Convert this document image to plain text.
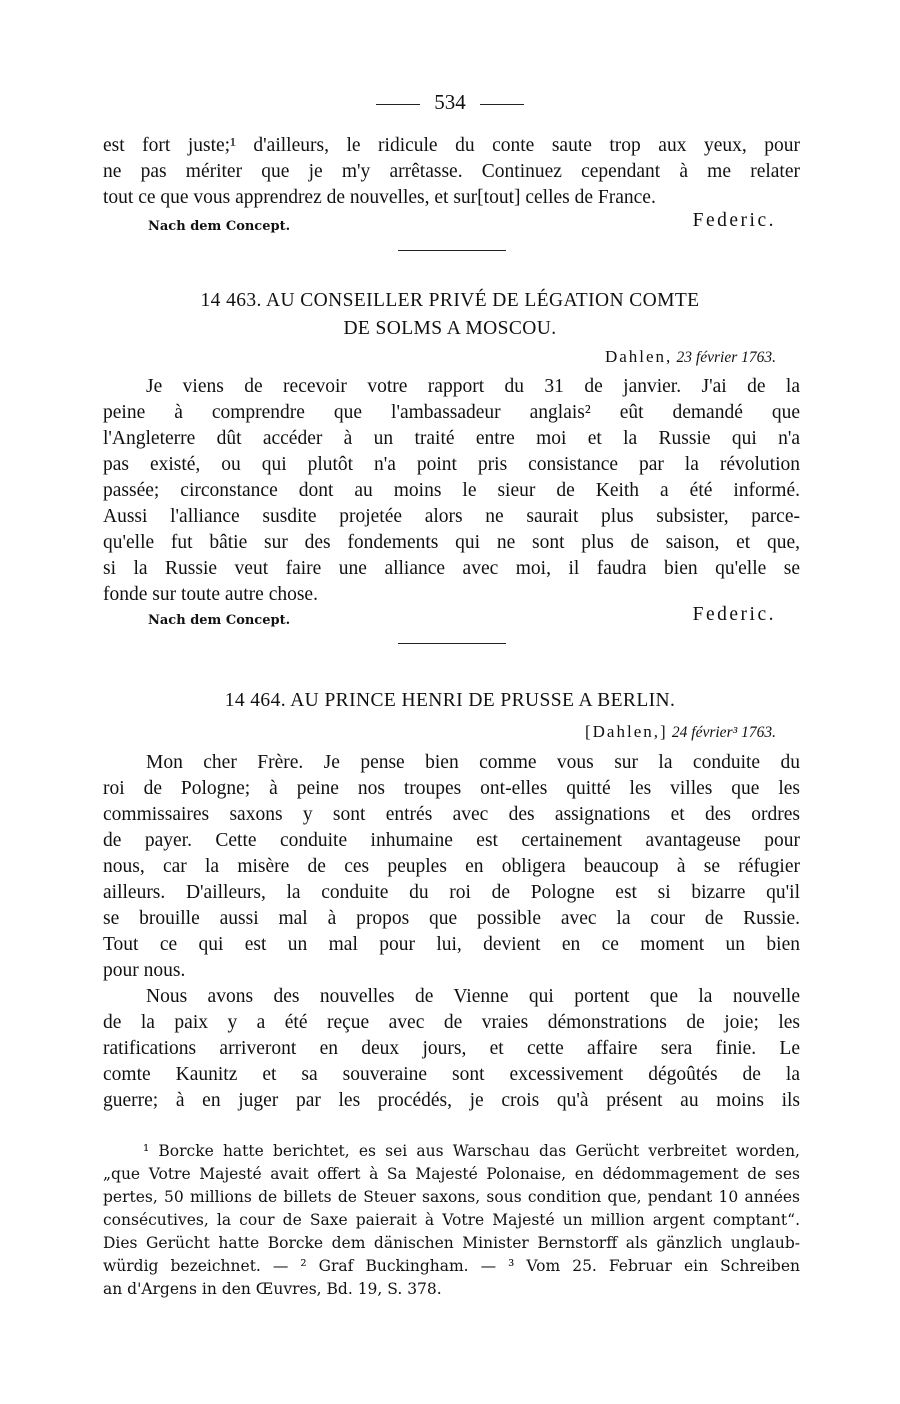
534
est fort juste;¹ d'ailleurs, le ridicule du conte saute trop aux yeux, pour
ne pas mériter que je m'y arrêtasse. Continuez cependant à me relater
tout ce que vous apprendrez de nouvelles, et sur[tout] celles de France.
Nach dem Concept.	Federic.
14 463. AU CONSEILLER PRIVÉ DE LÉGATION COMTE
DE SOLMS A MOSCOU.
Dahlen, 23 février 1763.
Je viens de recevoir votre rapport du 31 de janvier. J'ai de la
peine à comprendre que l'ambassadeur anglais² eût demandé que
l'Angleterre dût accéder à un traité entre moi et la Russie qui n'a
pas existé, ou qui plutôt n'a point pris consistance par la révolution
passée; circonstance dont au moins le sieur de Keith a été informé.
Aussi l'alliance susdite projetée alors ne saurait plus subsister, parce-
qu'elle fut bâtie sur des fondements qui ne sont plus de saison, et que,
si la Russie veut faire une alliance avec moi, il faudra bien qu'elle se
fonde sur toute autre chose.
Nach dem Concept.	Federic.
14 464. AU PRINCE HENRI DE PRUSSE A BERLIN.
[Dahlen,] 24 février³ 1763.
Mon cher Frère. Je pense bien comme vous sur la conduite du
roi de Pologne; à peine nos troupes ont-elles quitté les villes que les
commissaires saxons y sont entrés avec des assignations et des ordres
de payer. Cette conduite inhumaine est certainement avantageuse pour
nous, car la misère de ces peuples en obligera beaucoup à se réfugier
ailleurs. D'ailleurs, la conduite du roi de Pologne est si bizarre qu'il
se brouille aussi mal à propos que possible avec la cour de Russie.
Tout ce qui est un mal pour lui, devient en ce moment un bien
pour nous.
Nous avons des nouvelles de Vienne qui portent que la nouvelle
de la paix y a été reçue avec de vraies démonstrations de joie; les
ratifications arriveront en deux jours, et cette affaire sera finie. Le
comte Kaunitz et sa souveraine sont excessivement dégoûtés de la
guerre; à en juger par les procédés, je crois qu'à présent au moins ils
¹ Borcke hatte berichtet, es sei aus Warschau das Gerücht verbreitet worden,
„que Votre Majesté avait offert à Sa Majesté Polonaise, en dédommagement de ses
pertes, 50 millions de billets de Steuer saxons, sous condition que, pendant 10 années
consécutives, la cour de Saxe paierait à Votre Majesté un million argent comptant“.
Dies Gerücht hatte Borcke dem dänischen Minister Bernstorff als gänzlich unglaub-
würdig bezeichnet. — ² Graf Buckingham. — ³ Vom 25. Februar ein Schreiben
an d'Argens in den Œuvres, Bd. 19, S. 378.
